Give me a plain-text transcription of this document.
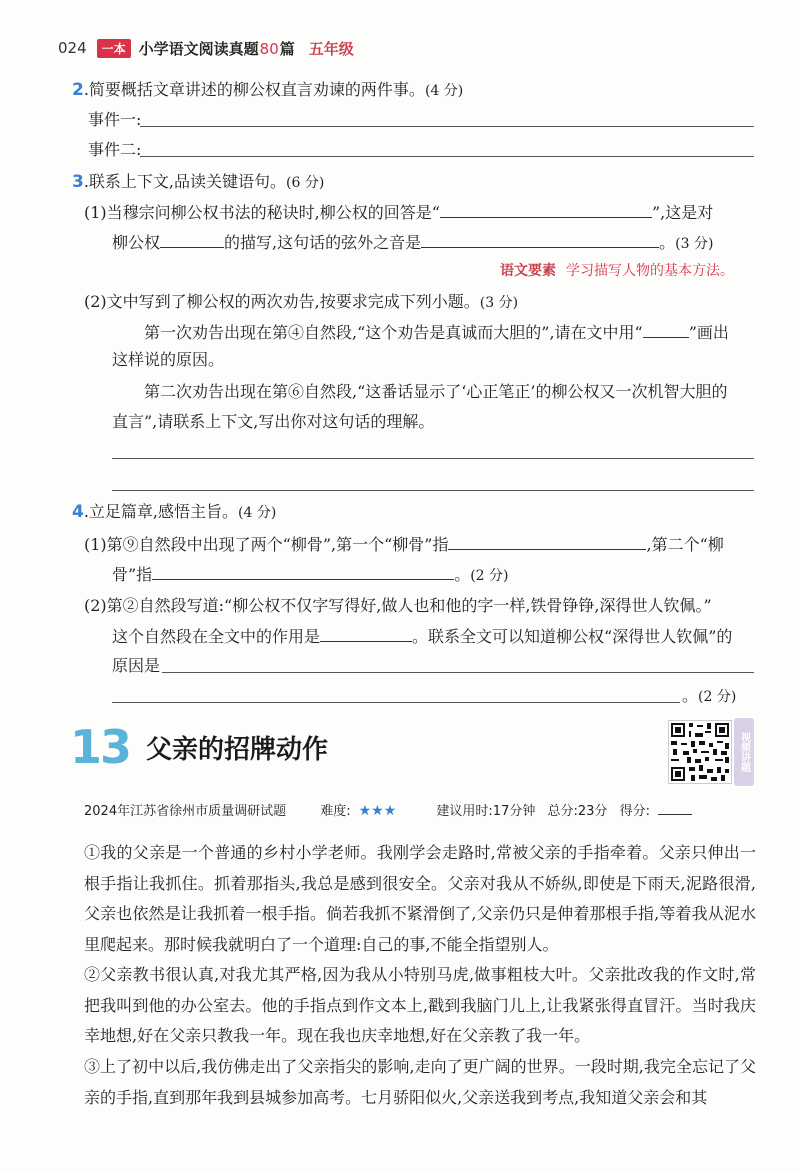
024	一本 小学语文阅读真题80篇 五年级
2.简要概括文章讲述的柳公权直言劝谏的两件事。(4 分)
事件一:
事件二:
3.联系上下文,品读关键语句。(6 分)
(1)当穆宗问柳公权书法的秘诀时,柳公权的回答是“	”,这是对
柳公权	的描写,这句话的弦外之音是	。(3 分)
语文要素 学习描写人物的基本方法。
(2)文中写到了柳公权的两次劝告,按要求完成下列小题。(3 分)
第一次劝告出现在第④自然段,“这个劝告是真诚而大胆的”,请在文中用“	”画出
这样说的原因。
第二次劝告出现在第⑥自然段,“这番话显示了‘心正笔正’的柳公权又一次机智大胆的
直言”,请联系上下文,写出你对这句话的理解。
4.立足篇章,感悟主旨。(4 分)
(1)第⑨自然段中出现了两个“柳骨”,第一个“柳骨”指	,第二个“柳
骨”指	。(2 分)
(2)第②自然段写道:“柳公权不仅字写得好,做人也和他的字一样,铁骨铮铮,深得世人钦佩。”
这个自然段在全文中的作用是	。联系全文可以知道柳公权“深得世人钦佩”的
原因是
。(2 分)
13 父亲的招牌动作	视频讲题
2024年江苏省徐州市质量调研试题	难度: ★★★	建议用时:17分钟 总分:23分 得分:
①我的父亲是一个普通的乡村小学老师。我刚学会走路时,常被父亲的手指牵着。父亲只伸出一根手指让我抓住。抓着那指头,我总是感到很安全。父亲对我从不娇纵,即使是下雨天,泥路很滑,父亲也依然是让我抓着一根手指。倘若我抓不紧滑倒了,父亲仍只是伸着那根手指,等着我从泥水里爬起来。那时候我就明白了一个道理:自己的事,不能全指望别人。
②父亲教书很认真,对我尤其严格,因为我从小特别马虎,做事粗枝大叶。父亲批改我的作文时,常把我叫到他的办公室去。他的手指点到作文本上,戳到我脑门儿上,让我紧张得直冒汗。当时我庆幸地想,好在父亲只教我一年。现在我也庆幸地想,好在父亲教了我一年。
③上了初中以后,我仿佛走出了父亲指尖的影响,走向了更广阔的世界。一段时期,我完全忘记了父亲的手指,直到那年我到县城参加高考。七月骄阳似火,父亲送我到考点,我知道父亲会和其
